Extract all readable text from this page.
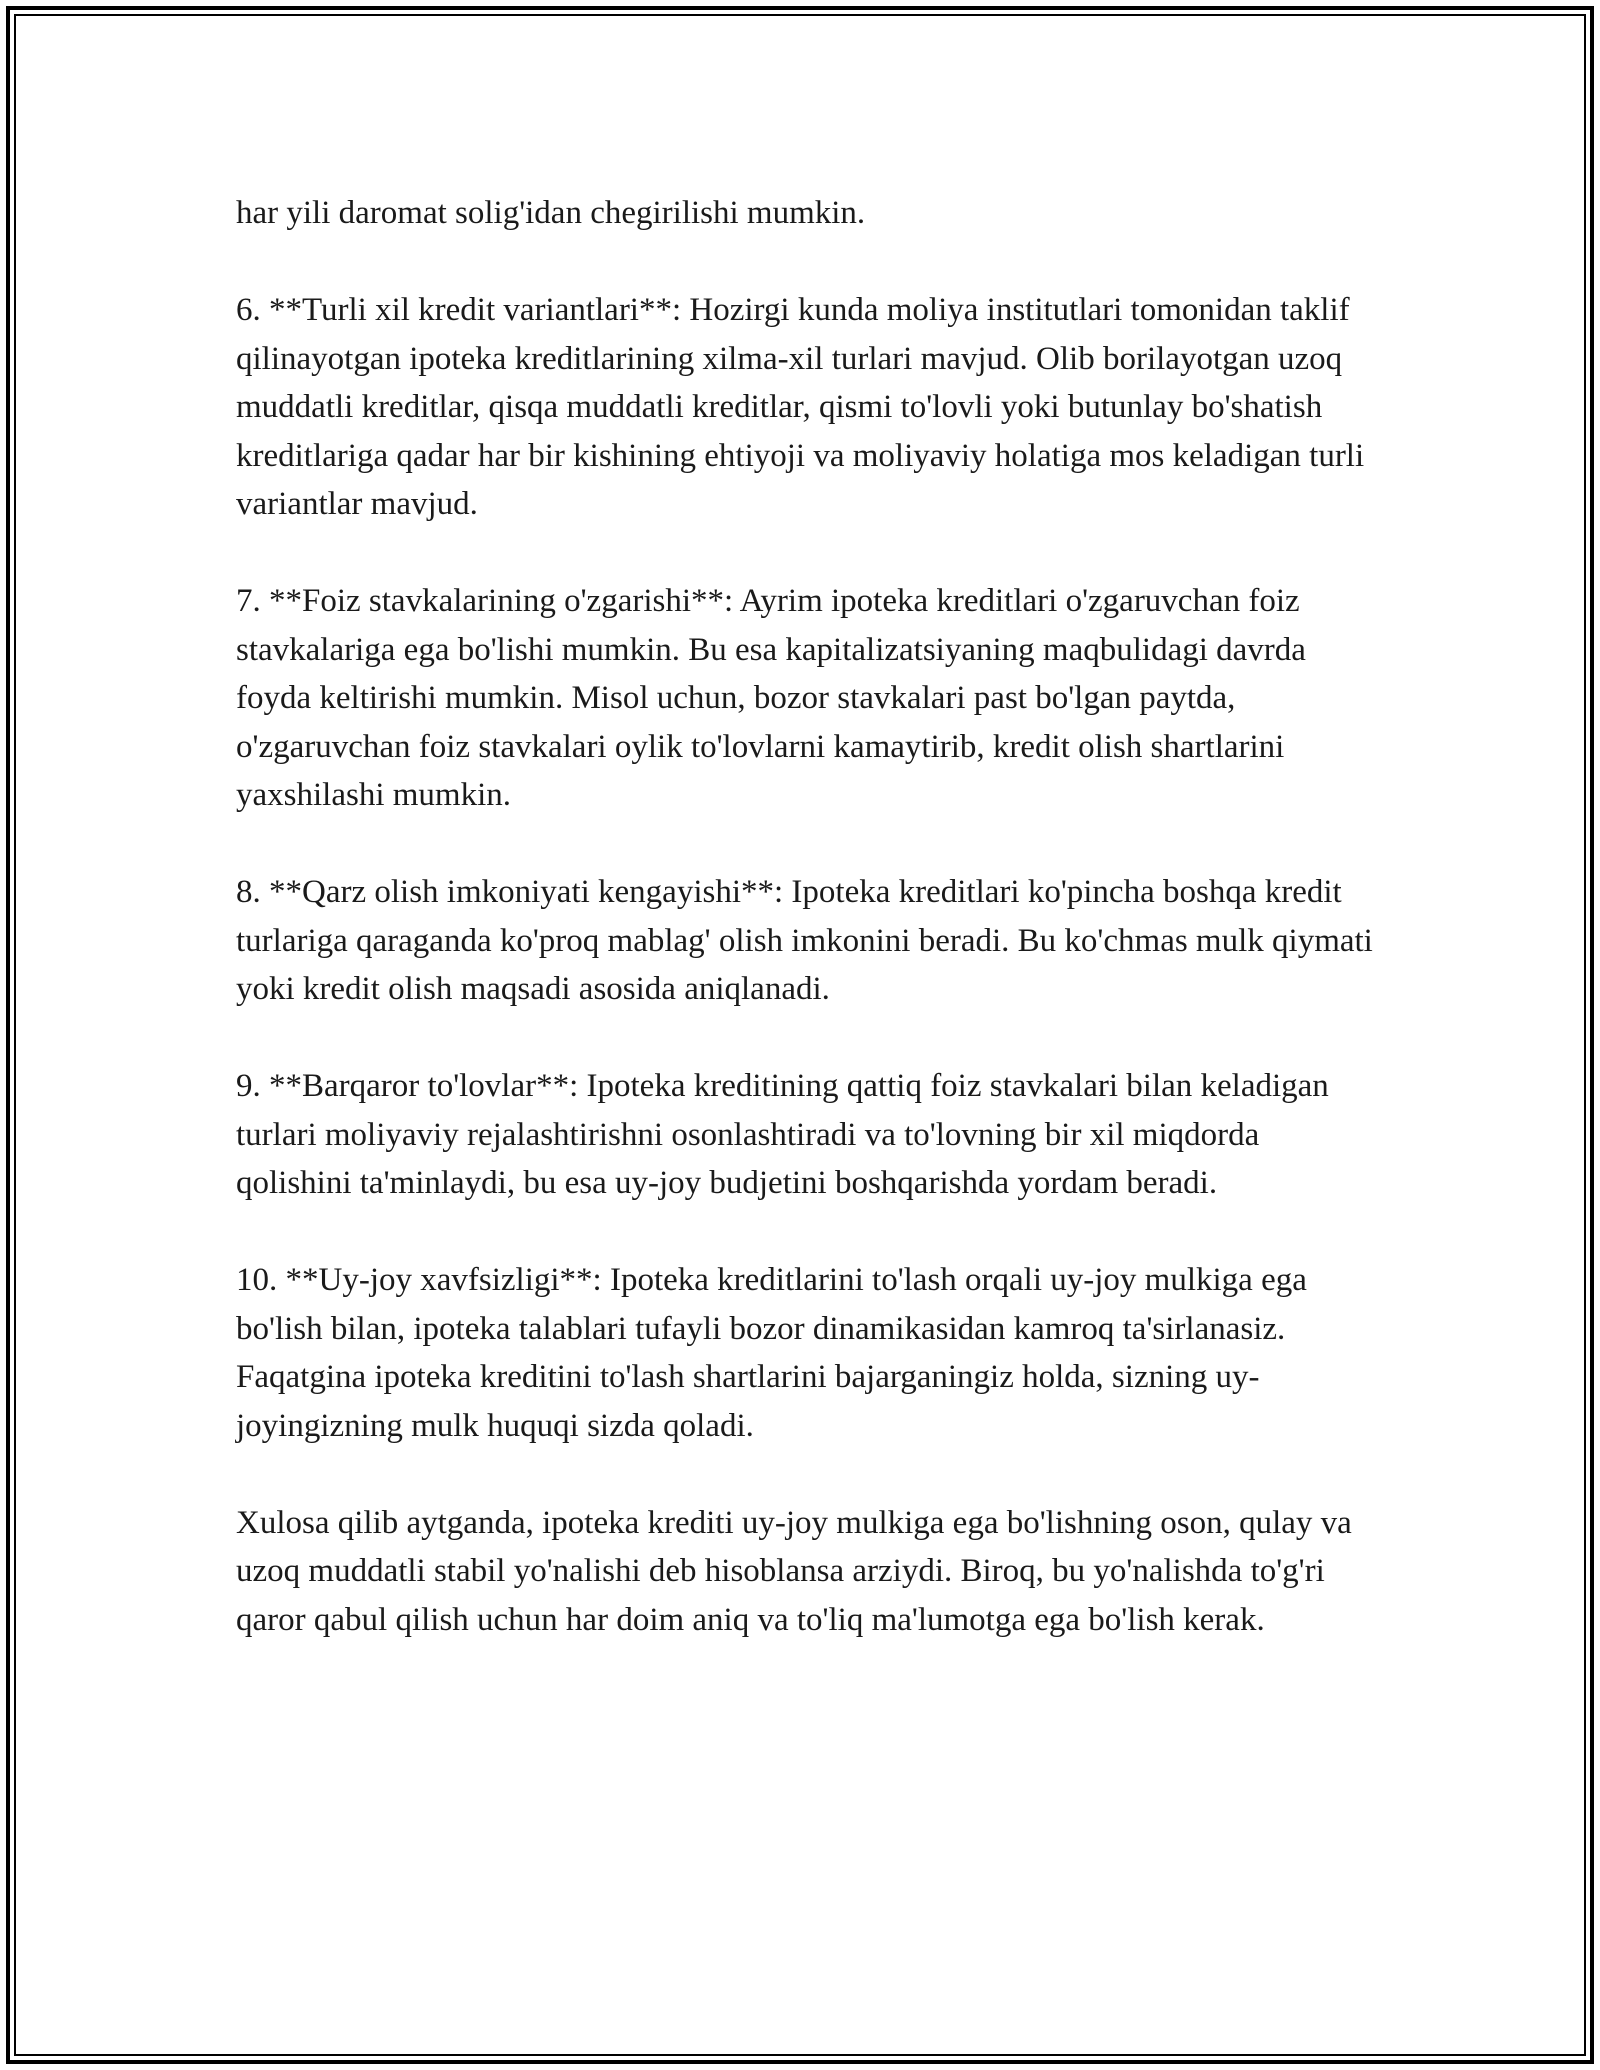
har yili daromat solig'idan chegirilishi mumkin.

6. **Turli xil kredit variantlari**: Hozirgi kunda moliya institutlari tomonidan taklif qilinayotgan ipoteka kreditlarining xilma-xil turlari mavjud. Olib borilayotgan uzoq muddatli kreditlar, qisqa muddatli kreditlar, qismi to'lovli yoki butunlay bo'shatish kreditlariga qadar har bir kishining ehtiyoji va moliyaviy holatiga mos keladigan turli variantlar mavjud.

7. **Foiz stavkalarining o'zgarishi**: Ayrim ipoteka kreditlari o'zgaruvchan foiz stavkalariga ega bo'lishi mumkin. Bu esa kapitalizatsiyaning maqbulidagi davrda foyda keltirishi mumkin. Misol uchun, bozor stavkalari past bo'lgan paytda, o'zgaruvchan foiz stavkalari oylik to'lovlarni kamaytirib, kredit olish shartlarini yaxshilashi mumkin.

8. **Qarz olish imkoniyati kengayishi**: Ipoteka kreditlari ko'pincha boshqa kredit turlariga qaraganda ko'proq mablag' olish imkonini beradi. Bu ko'chmas mulk qiymati yoki kredit olish maqsadi asosida aniqlanadi.

9. **Barqaror to'lovlar**: Ipoteka kreditining qattiq foiz stavkalari bilan keladigan turlari moliyaviy rejalashtirishni osonlashtiradi va to'lovning bir xil miqdorda qolishini ta'minlaydi, bu esa uy-joy budjetini boshqarishda yordam beradi.

10. **Uy-joy xavfsizligi**: Ipoteka kreditlarini to'lash orqali uy-joy mulkiga ega bo'lish bilan, ipoteka talablari tufayli bozor dinamikasidan kamroq ta'sirlanasiz. Faqatgina ipoteka kreditini to'lash shartlarini bajarganingiz holda, sizning uy-joyingizning mulk huquqi sizda qoladi.

Xulosa qilib aytganda, ipoteka krediti uy-joy mulkiga ega bo'lishning oson, qulay va uzoq muddatli stabil yo'nalishi deb hisoblansa arziydi. Biroq, bu yo'nalishda to'g'ri qaror qabul qilish uchun har doim aniq va to'liq ma'lumotga ega bo'lish kerak.
